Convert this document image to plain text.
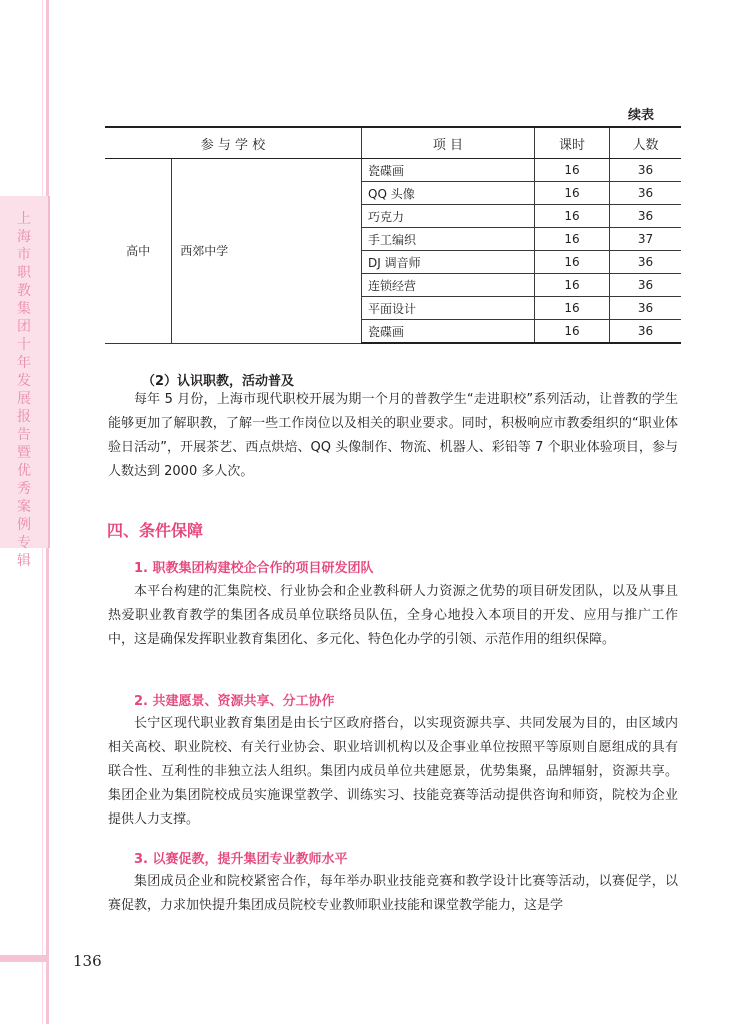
上
海
市
职
教
集
团
十
年
发
展
报
告
暨
优
秀
案
例
专
辑
续表
参 与 学 校		项 目	课时	人数
高中	西郊中学	瓷碟画	16	36
		QQ 头像	16	36
		巧克力	16	36
		手工编织	16	37
		DJ 调音师	16	36
		连锁经营	16	36
		平面设计	16	36
		瓷碟画	16	36
（2）认识职教，活动普及

每年 5 月份，上海市现代职校开展为期一个月的普教学生“走进职校”系列活动，让普教的学生能够更加了解职教，了解一些工作岗位以及相关的职业要求。同时，积极响应市教委组织的“职业体验日活动”，开展茶艺、西点烘焙、QQ 头像制作、物流、机器人、彩铅等 7 个职业体验项目，参与人数达到 2000 多人次。

四、条件保障
1. 职教集团构建校企合作的项目研发团队

本平台构建的汇集院校、行业协会和企业教科研人力资源之优势的项目研发团队，以及从事且热爱职业教育教学的集团各成员单位联络员队伍，全身心地投入本项目的开发、应用与推广工作中，这是确保发挥职业教育集团化、多元化、特色化办学的引领、示范作用的组织保障。

2. 共建愿景、资源共享、分工协作

长宁区现代职业教育集团是由长宁区政府搭台，以实现资源共享、共同发展为目的，由区域内相关高校、职业院校、有关行业协会、职业培训机构以及企事业单位按照平等原则自愿组成的具有联合性、互利性的非独立法人组织。集团内成员单位共建愿景，优势集聚，品牌辐射，资源共享。集团企业为集团院校成员实施课堂教学、训练实习、技能竞赛等活动提供咨询和师资，院校为企业提供人力支撑。

3. 以赛促教，提升集团专业教师水平

集团成员企业和院校紧密合作，每年举办职业技能竞赛和教学设计比赛等活动，以赛促学，以赛促教，力求加快提升集团成员院校专业教师职业技能和课堂教学能力，这是学

136
